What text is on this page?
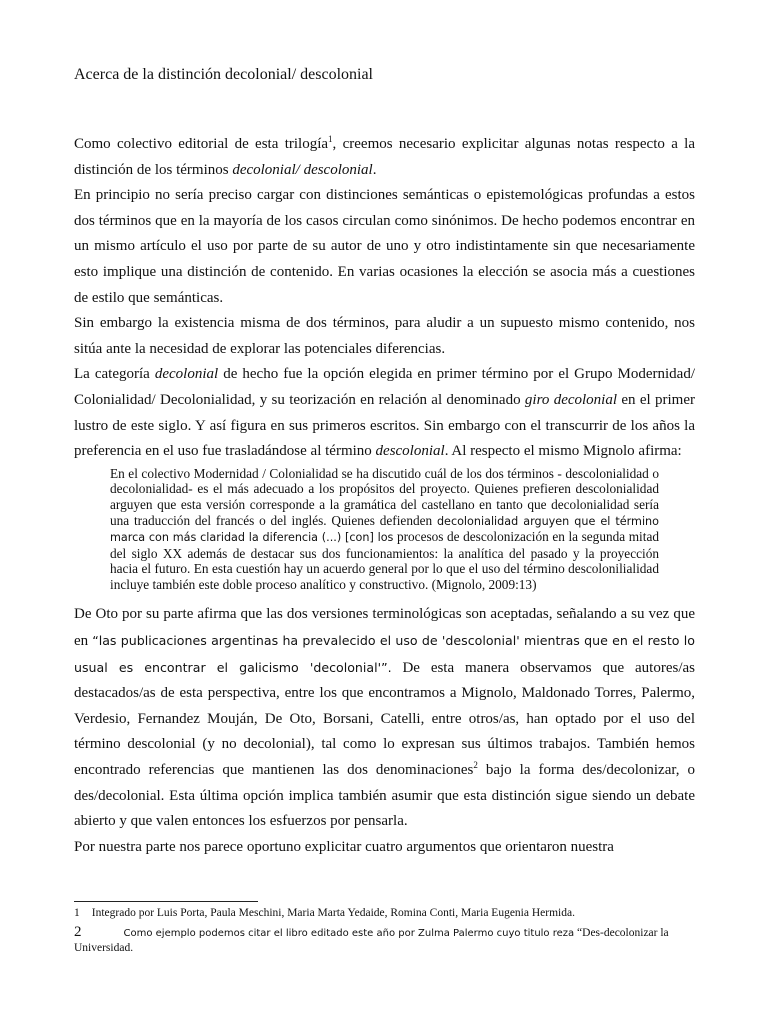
Acerca de la distinción decolonial/ descolonial

Como colectivo editorial de esta trilogía$^1$, creemos necesario explicitar algunas notas respecto a la distinción de los términos decolonial/ descolonial.

En principio no sería preciso cargar con distinciones semánticas o epistemológicas profundas a estos dos términos que en la mayoría de los casos circulan como sinónimos. De hecho podemos encontrar en un mismo artículo el uso por parte de su autor de uno y otro indistintamente sin que necesariamente esto implique una distinción de contenido. En varias ocasiones la elección se asocia más a cuestiones de estilo que semánticas.

Sin embargo la existencia misma de dos términos, para aludir a un supuesto mismo contenido, nos sitúa ante la necesidad de explorar las potenciales diferencias.

La categoría decolonial de hecho fue la opción elegida en primer término por el Grupo Modernidad/ Colonialidad/ Decolonialidad, y su teorización en relación al denominado giro decolonial en el primer lustro de este siglo. Y así figura en sus primeros escritos. Sin embargo con el transcurrir de los años la preferencia en el uso fue trasladándose al término descolonial. Al respecto el mismo Mignolo afirma:

En el colectivo Modernidad / Colonialidad se ha discutido cuál de los dos términos - descolonialidad o decolonialidad- es el más adecuado a los propósitos del proyecto. Quienes prefieren descolonialidad arguyen que esta versión corresponde a la gramática del castellano en tanto que decolonialidad sería una traducción del francés o del inglés. Quienes defienden decolonialidad arguyen que el término marca con más claridad la diferencia (...) [con] los procesos de descolonización en la segunda mitad del siglo XX además de destacar sus dos funcionamientos: la analítica del pasado y la proyección hacia el futuro. En esta cuestión hay un acuerdo general por lo que el uso del término descolonilialidad incluye también este doble proceso analítico y constructivo. (Mignolo, 2009:13)

De Oto por su parte afirma que las dos versiones terminológicas son aceptadas, señalando a su vez que en “las publicaciones argentinas ha prevalecido el uso de 'descolonial' mientras que en el resto lo usual es encontrar el galicismo 'decolonial'”. De esta manera observamos que autores/as destacados/as de esta perspectiva, entre los que encontramos a Mignolo, Maldonado Torres, Palermo, Verdesio, Fernandez Mouján, De Oto, Borsani, Catelli, entre otros/as, han optado por el uso del término descolonial (y no decolonial), tal como lo expresan sus últimos trabajos. También hemos encontrado referencias que mantienen las dos denominaciones$^2$ bajo la forma des/decolonizar, o des/decolonial. Esta última opción implica también asumir que esta distinción sigue siendo un debate abierto y que valen entonces los esfuerzos por pensarla.

Por nuestra parte nos parece oportuno explicitar cuatro argumentos que orientaron nuestra

1 Integrado por Luis Porta, Paula Meschini, Maria Marta Yedaide, Romina Conti, Maria Eugenia Hermida.
2	Como ejemplo podemos citar el libro editado este año por Zulma Palermo cuyo titulo reza “Des-decolonizar la Universidad.
